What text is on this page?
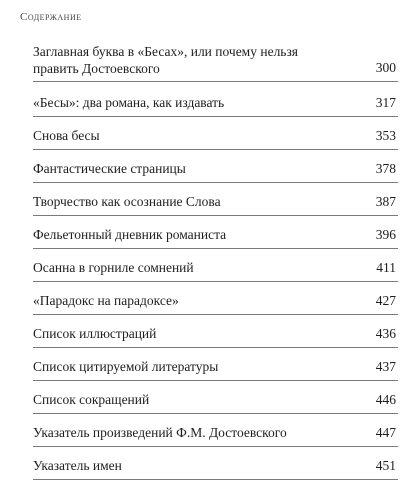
Содержание
Заглавная буква в «Бесах», или почему нельзя
править Достоевского	300
«Бесы»: два романа, как издавать	317
Снова бесы	353
Фантастические страницы	378
Творчество как осознание Слова	387
Фельетонный дневник романиста	396
Осанна в горниле сомнений	411
«Парадокс на парадоксе»	427
Список иллюстраций	436
Список цитируемой литературы	437
Список сокращений	446
Указатель произведений Ф.М. Достоевского	447
Указатель имен	451
